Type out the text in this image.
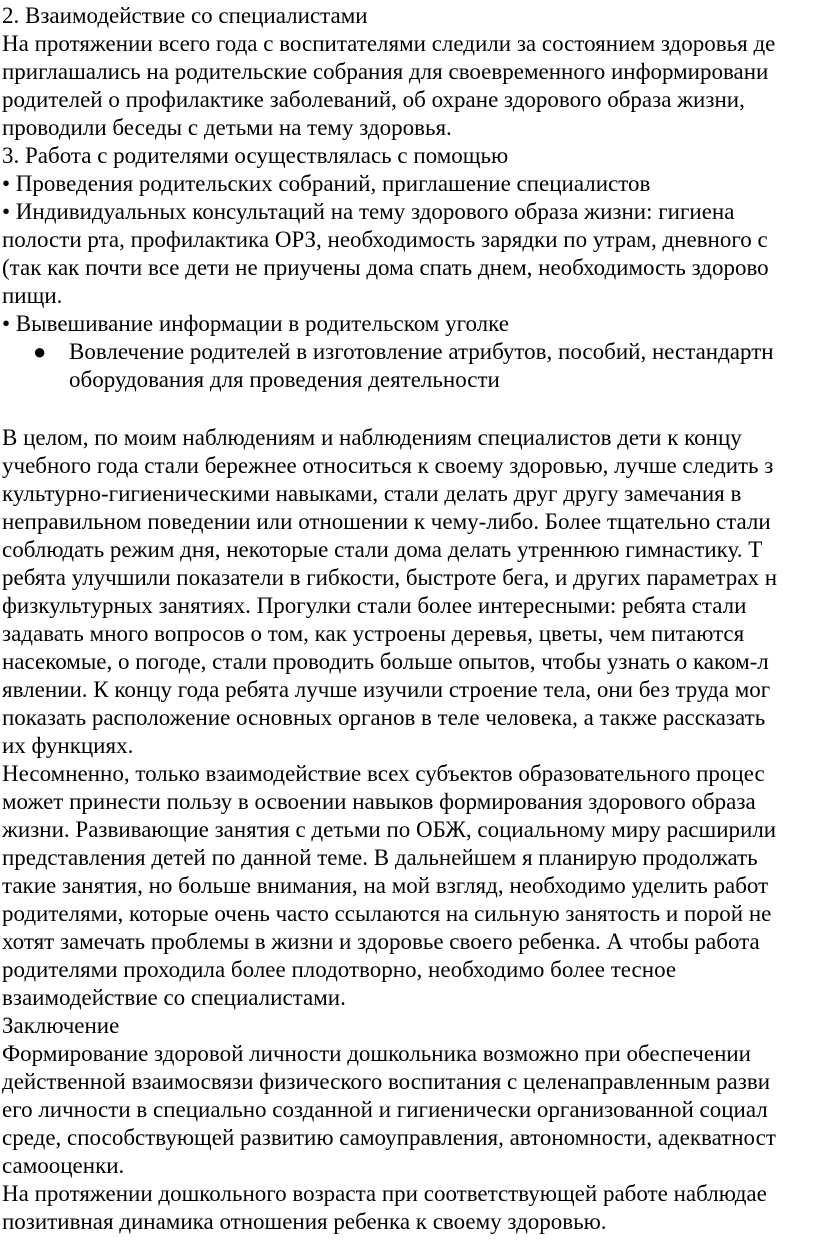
2. Взаимодействие со специалистами
На протяжении всего года с воспитателями следили за состоянием здоровья де
приглашались на родительские собрания для своевременного информировани
родителей о профилактике заболеваний, об охране здорового образа жизни,
проводили беседы с детьми на тему здоровья.
3. Работа с родителями осуществлялась с помощью
• Проведения родительских собраний, приглашение специалистов
• Индивидуальных консультаций на тему здорового образа жизни: гигиена
полости рта, профилактика ОРЗ, необходимость зарядки по утрам, дневного с
(так как почти все дети не приучены дома спать днем, необходимость здорово
пищи.
• Вывешивание информации в родительском уголке
● Вовлечение родителей в изготовление атрибутов, пособий, нестандартн
оборудования для проведения деятельности
В целом, по моим наблюдениям и наблюдениям специалистов дети к концу
учебного года стали бережнее относиться к своему здоровью, лучше следить з
культурно-гигиеническими навыками, стали делать друг другу замечания в
неправильном поведении или отношении к чему-либо. Более тщательно стали
соблюдать режим дня, некоторые стали дома делать утреннюю гимнастику. Т
ребята улучшили показатели в гибкости, быстроте бега, и других параметрах н
физкультурных занятиях. Прогулки стали более интересными: ребята стали
задавать много вопросов о том, как устроены деревья, цветы, чем питаются
насекомые, о погоде, стали проводить больше опытов, чтобы узнать о каком-л
явлении. К концу года ребята лучше изучили строение тела, они без труда мог
показать расположение основных органов в теле человека, а также рассказать
их функциях.
Несомненно, только взаимодействие всех субъектов образовательного процес
может принести пользу в освоении навыков формирования здорового образа
жизни. Развивающие занятия с детьми по ОБЖ, социальному миру расширили
представления детей по данной теме. В дальнейшем я планирую продолжать
такие занятия, но больше внимания, на мой взгляд, необходимо уделить работ
родителями, которые очень часто ссылаются на сильную занятость и порой не
хотят замечать проблемы в жизни и здоровье своего ребенка. А чтобы работа
родителями проходила более плодотворно, необходимо более тесное
взаимодействие со специалистами.
Заключение
Формирование здоровой личности дошкольника возможно при обеспечении
действенной взаимосвязи физического воспитания с целенаправленным разви
его личности в специально созданной и гигиенически организованной социал
среде, способствующей развитию самоуправления, автономности, адекватност
самооценки.
На протяжении дошкольного возраста при соответствующей работе наблюдае
позитивная динамика отношения ребенка к своему здоровью.
